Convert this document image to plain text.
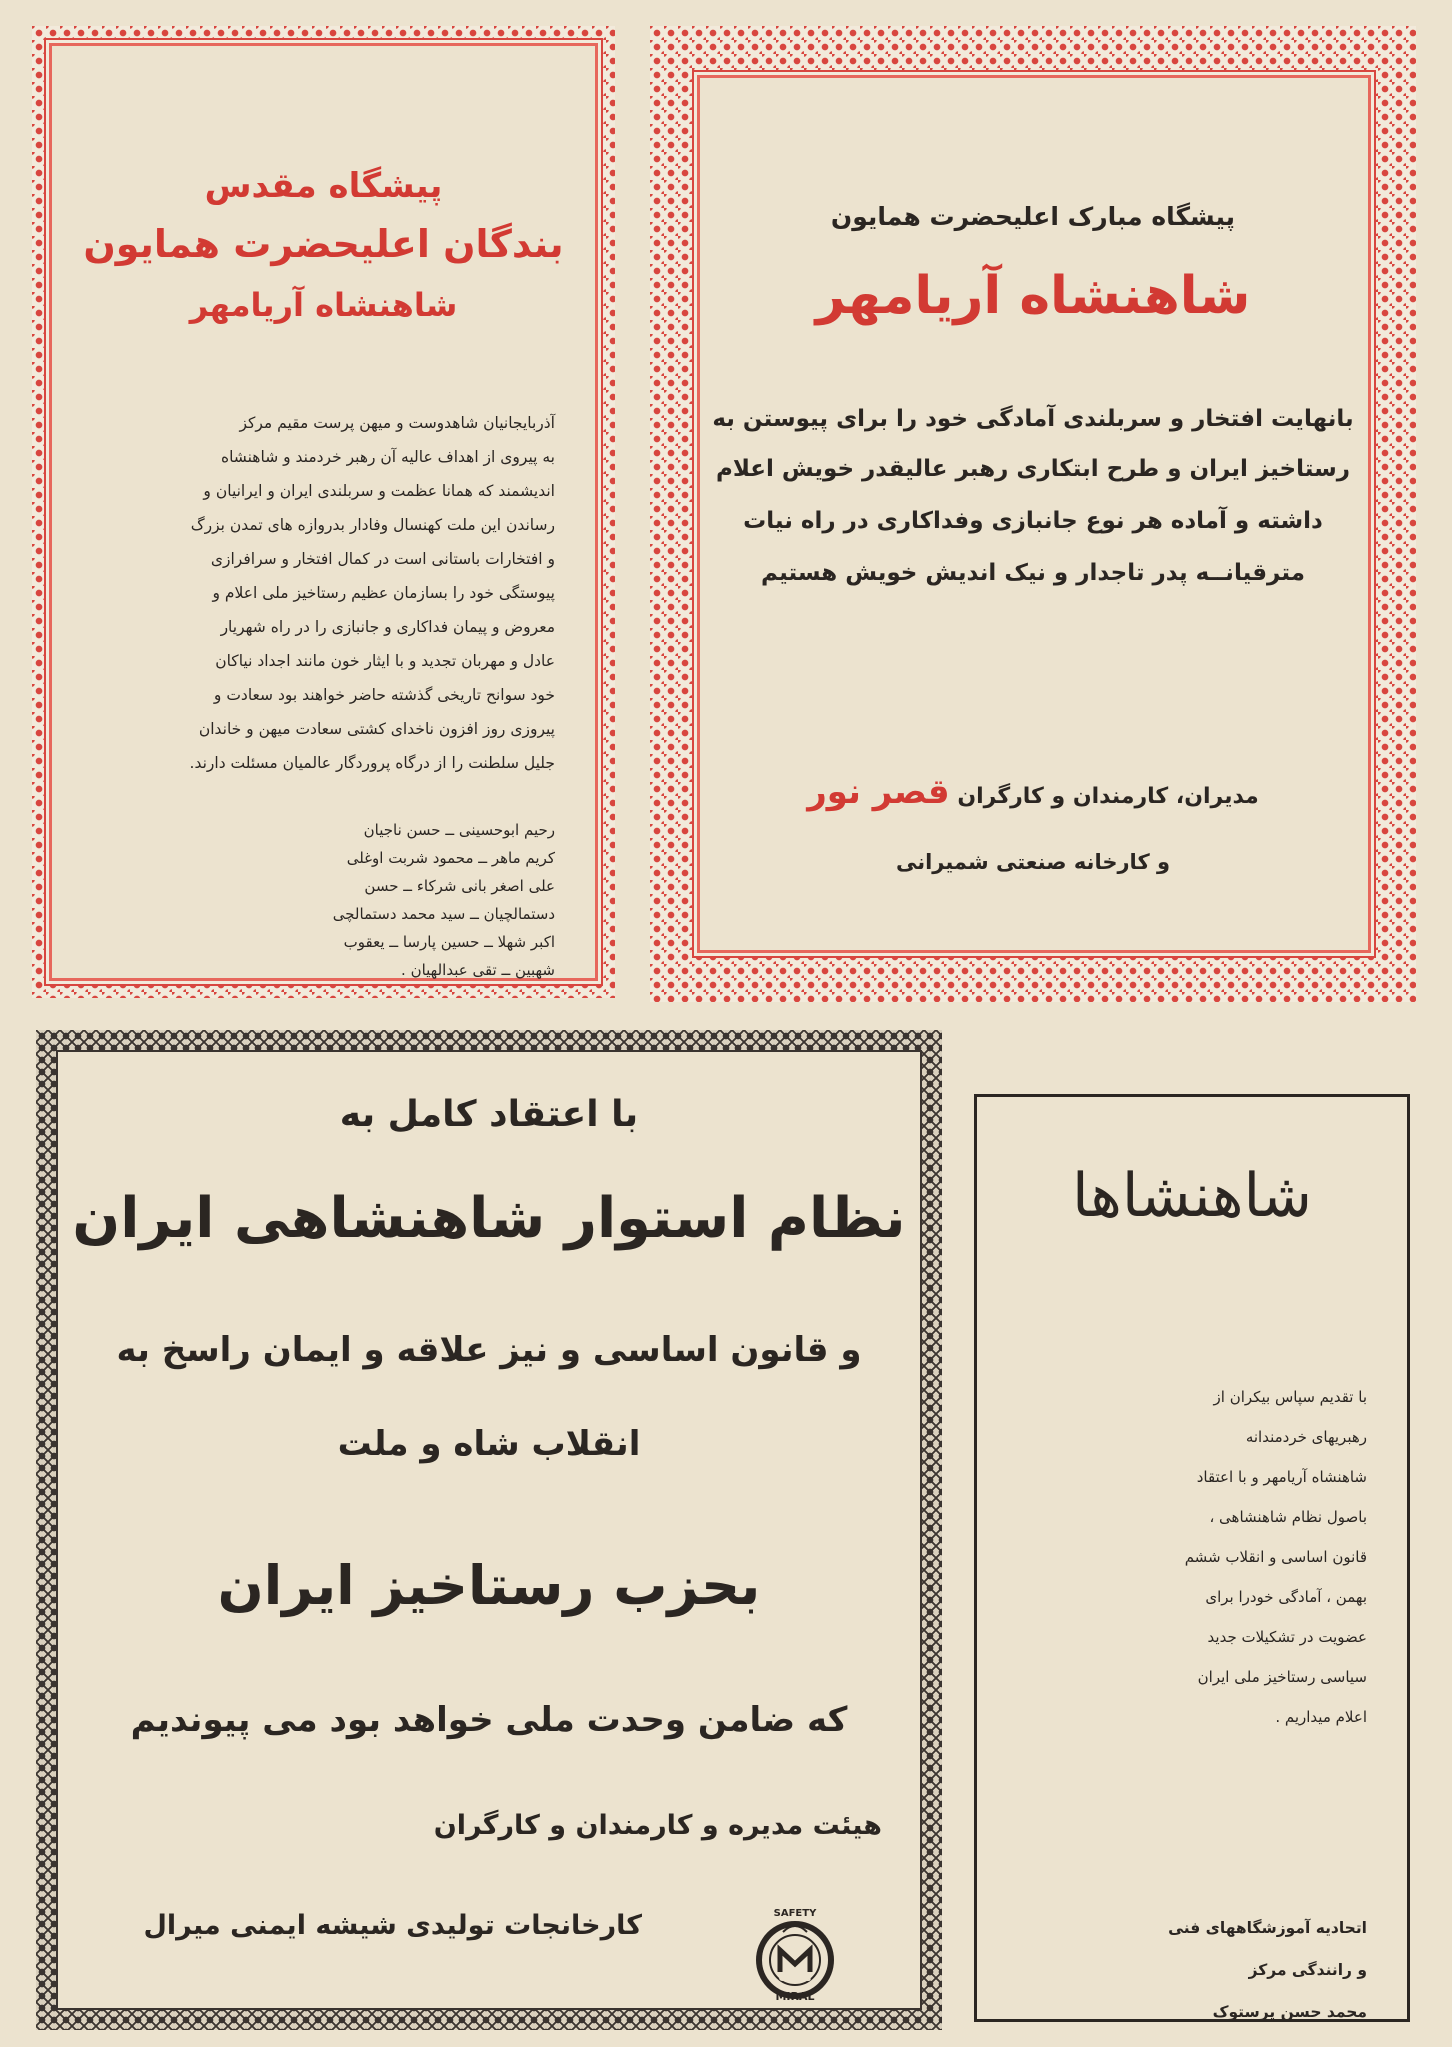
پیشگاه مقدس
بندگان اعلیحضرت همایون
شاهنشاه آریامهر
آذربایجانیان شاهدوست و میهن پرست مقیم مرکز
به پیروی از اهداف عالیه آن رهبر خردمند و شاهنشاه
اندیشمند که همانا عظمت و سربلندی ایران و ایرانیان و
رساندن این ملت کهنسال وفادار بدروازه های تمدن بزرگ
و افتخارات باستانی است در کمال افتخار و سرافرازی
پیوستگی خود را بسازمان عظیم رستاخیز ملی اعلام و
معروض و پیمان فداکاری و جانبازی را در راه شهریار
عادل و مهربان تجدید و با ایثار خون مانند اجداد نیاکان
خود سوانح تاریخی گذشته حاضر خواهند بود سعادت و
پیروزی روز افزون ناخدای کشتی سعادت میهن و خاندان
جلیل سلطنت را از درگاه پروردگار عالمیان مسئلت دارند.
رحیم ابوحسینی ــ حسن ناجیان
کریم ماهر ــ محمود شربت اوغلی
علی اصغر بانی شرکاء ــ حسن
دستمالچیان ــ سید محمد دستمالچی
اکبر شهلا ــ حسین پارسا ــ یعقوب
شهبین ــ تقی عبدالهیان .
پیشگاه مبارک اعلیحضرت همایون
شاهنشاه آریامهر
بانهایت افتخار و سربلندی آمادگی خود را برای پیوستن به
رستاخیز ایران و طرح ابتکاری رهبر عالیقدر خویش اعلام
داشته و آماده هر نوع جانبازی وفداکاری در راه نیات
مترقیانــه پدر تاجدار و نیک اندیش خویش هستیم
مدیران، کارمندان و کارگران قصر نور
و کارخانه صنعتی شمیرانی
با اعتقاد کامل به
نظام استوار شاهنشاهی ایران
و قانون اساسی و نیز علاقه و ایمان راسخ به
انقلاب شاه و ملت
بحزب رستاخیز ایران
که ضامن وحدت ملی خواهد بود می پیوندیم
هیئت مدیره و کارمندان و کارگران
کارخانجات تولیدی شیشه ایمنی میرال	SAFETY
GLASS
MIRAL
شاهنشاها
با تقدیم سپاس بیکران از
رهبریهای خردمندانه
شاهنشاه آریامهر و با اعتقاد
باصول نظام شاهنشاهی ،
قانون اساسی و انقلاب ششم
بهمن ، آمادگی خودرا برای
عضویت در تشکیلات جدید
سیاسی رستاخیز ملی ایران
اعلام میداریم .
اتحادیه آموزشگاههای فنی
و رانندگی مرکز
محمد حسن پرستوک
